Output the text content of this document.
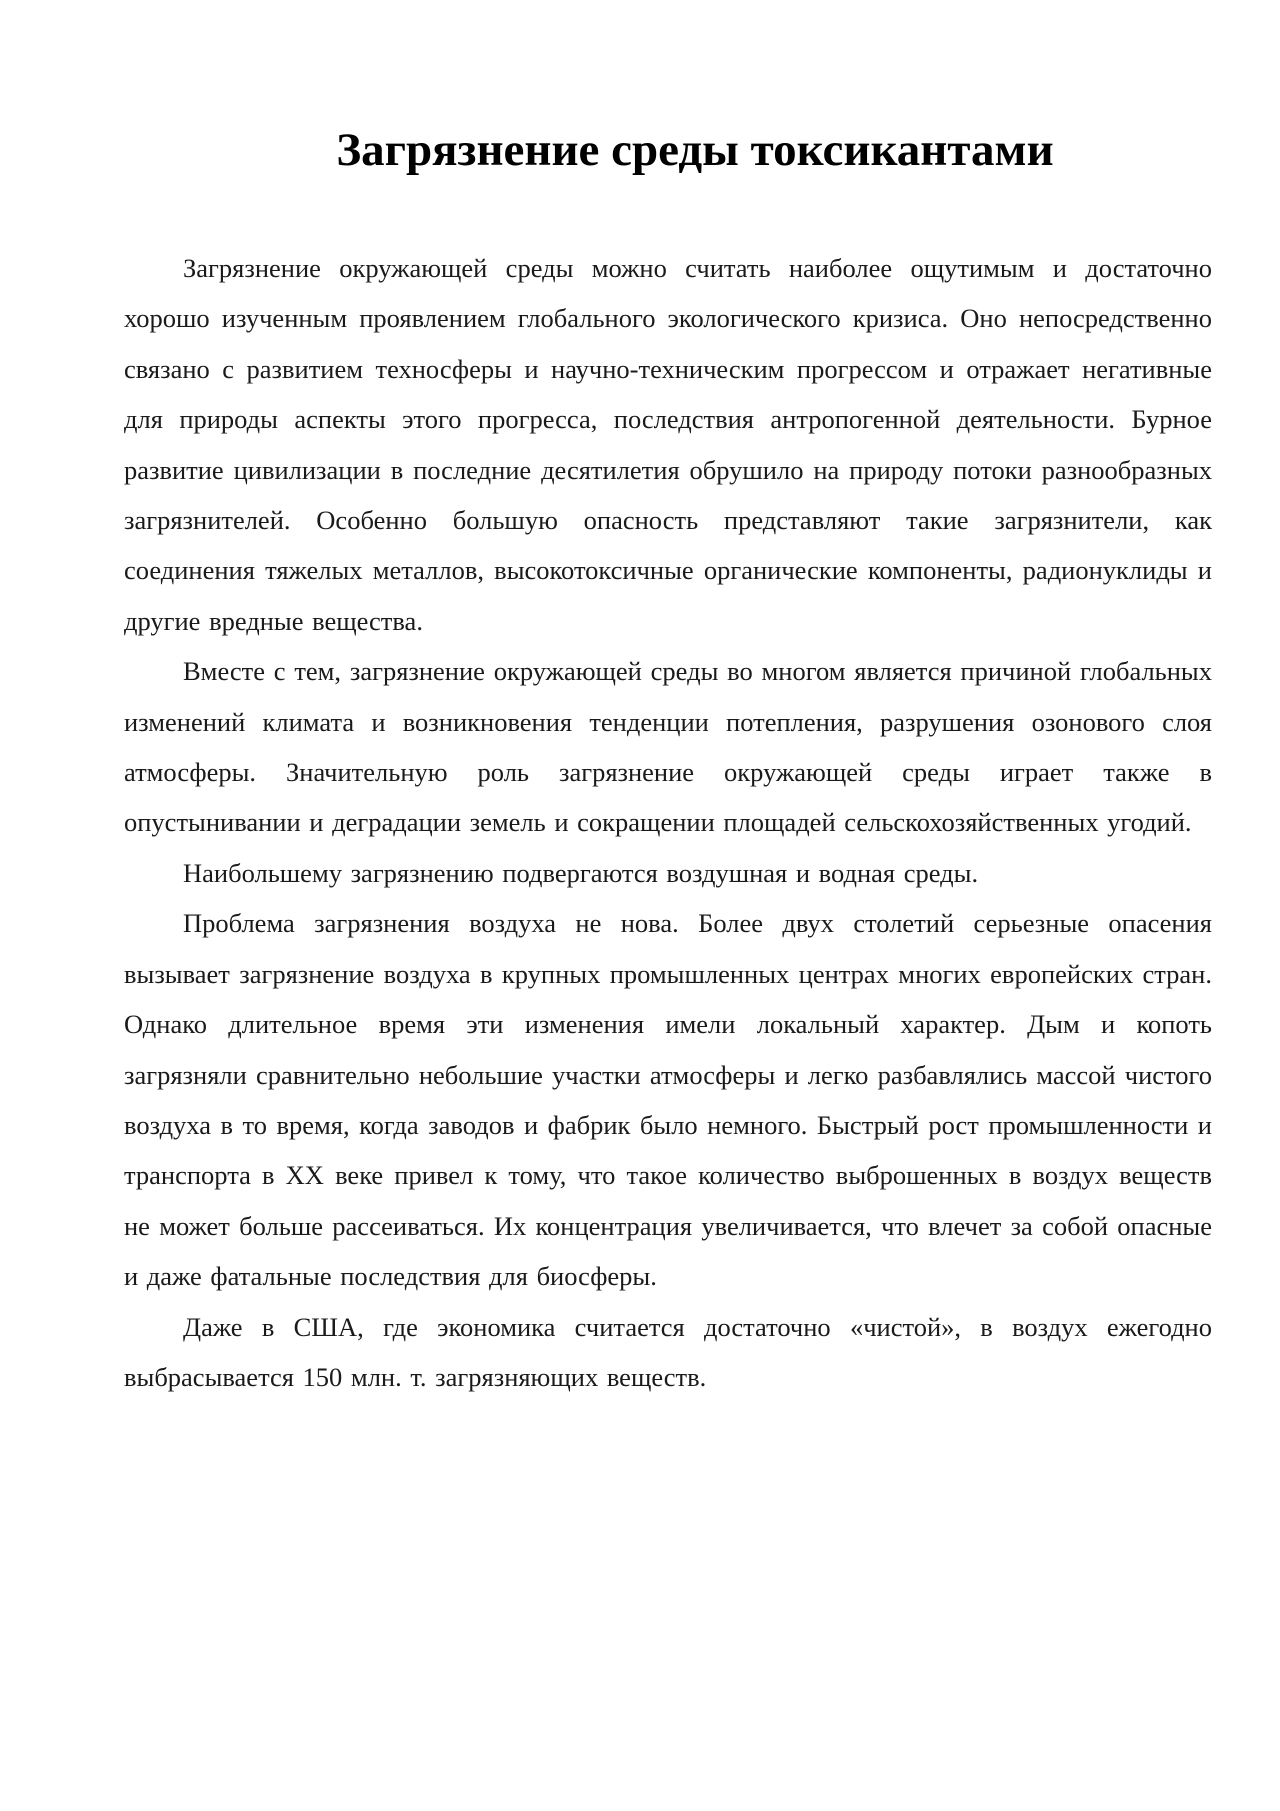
Загрязнение среды токсикантами

Загрязнение окружающей среды можно считать наиболее ощутимым и достаточно хорошо изученным проявлением глобального экологического кризиса. Оно непосредственно связано с развитием техносферы и научно-техническим прогрессом и отражает негативные для природы аспекты этого прогресса, последствия антропогенной деятельности. Бурное развитие цивилизации в последние десятилетия обрушило на природу потоки разнообразных загрязнителей. Особенно большую опасность представляют такие загрязнители, как соединения тяжелых металлов, высокотоксичные органические компоненты, радионуклиды и другие вредные вещества.

Вместе с тем, загрязнение окружающей среды во многом является причиной глобальных изменений климата и возникновения тенденции потепления, разрушения озонового слоя атмосферы. Значительную роль загрязнение окружающей среды играет также в опустынивании и деградации земель и сокращении площадей сельскохозяйственных угодий.

Наибольшему загрязнению подвергаются воздушная и водная среды.

Проблема загрязнения воздуха не нова. Более двух столетий серьезные опасения вызывает загрязнение воздуха в крупных промышленных центрах многих европейских стран. Однако длительное время эти изменения имели локальный характер. Дым и копоть загрязняли сравнительно небольшие участки атмосферы и легко разбавлялись массой чистого воздуха в то время, когда заводов и фабрик было немного. Быстрый рост промышленности и транспорта в XX веке привел к тому, что такое количество выброшенных в воздух веществ не может больше рассеиваться. Их концентрация увеличивается, что влечет за собой опасные и даже фатальные последствия для биосферы.

Даже в США, где экономика считается достаточно «чистой», в воздух ежегодно выбрасывается 150 млн. т. загрязняющих веществ.
